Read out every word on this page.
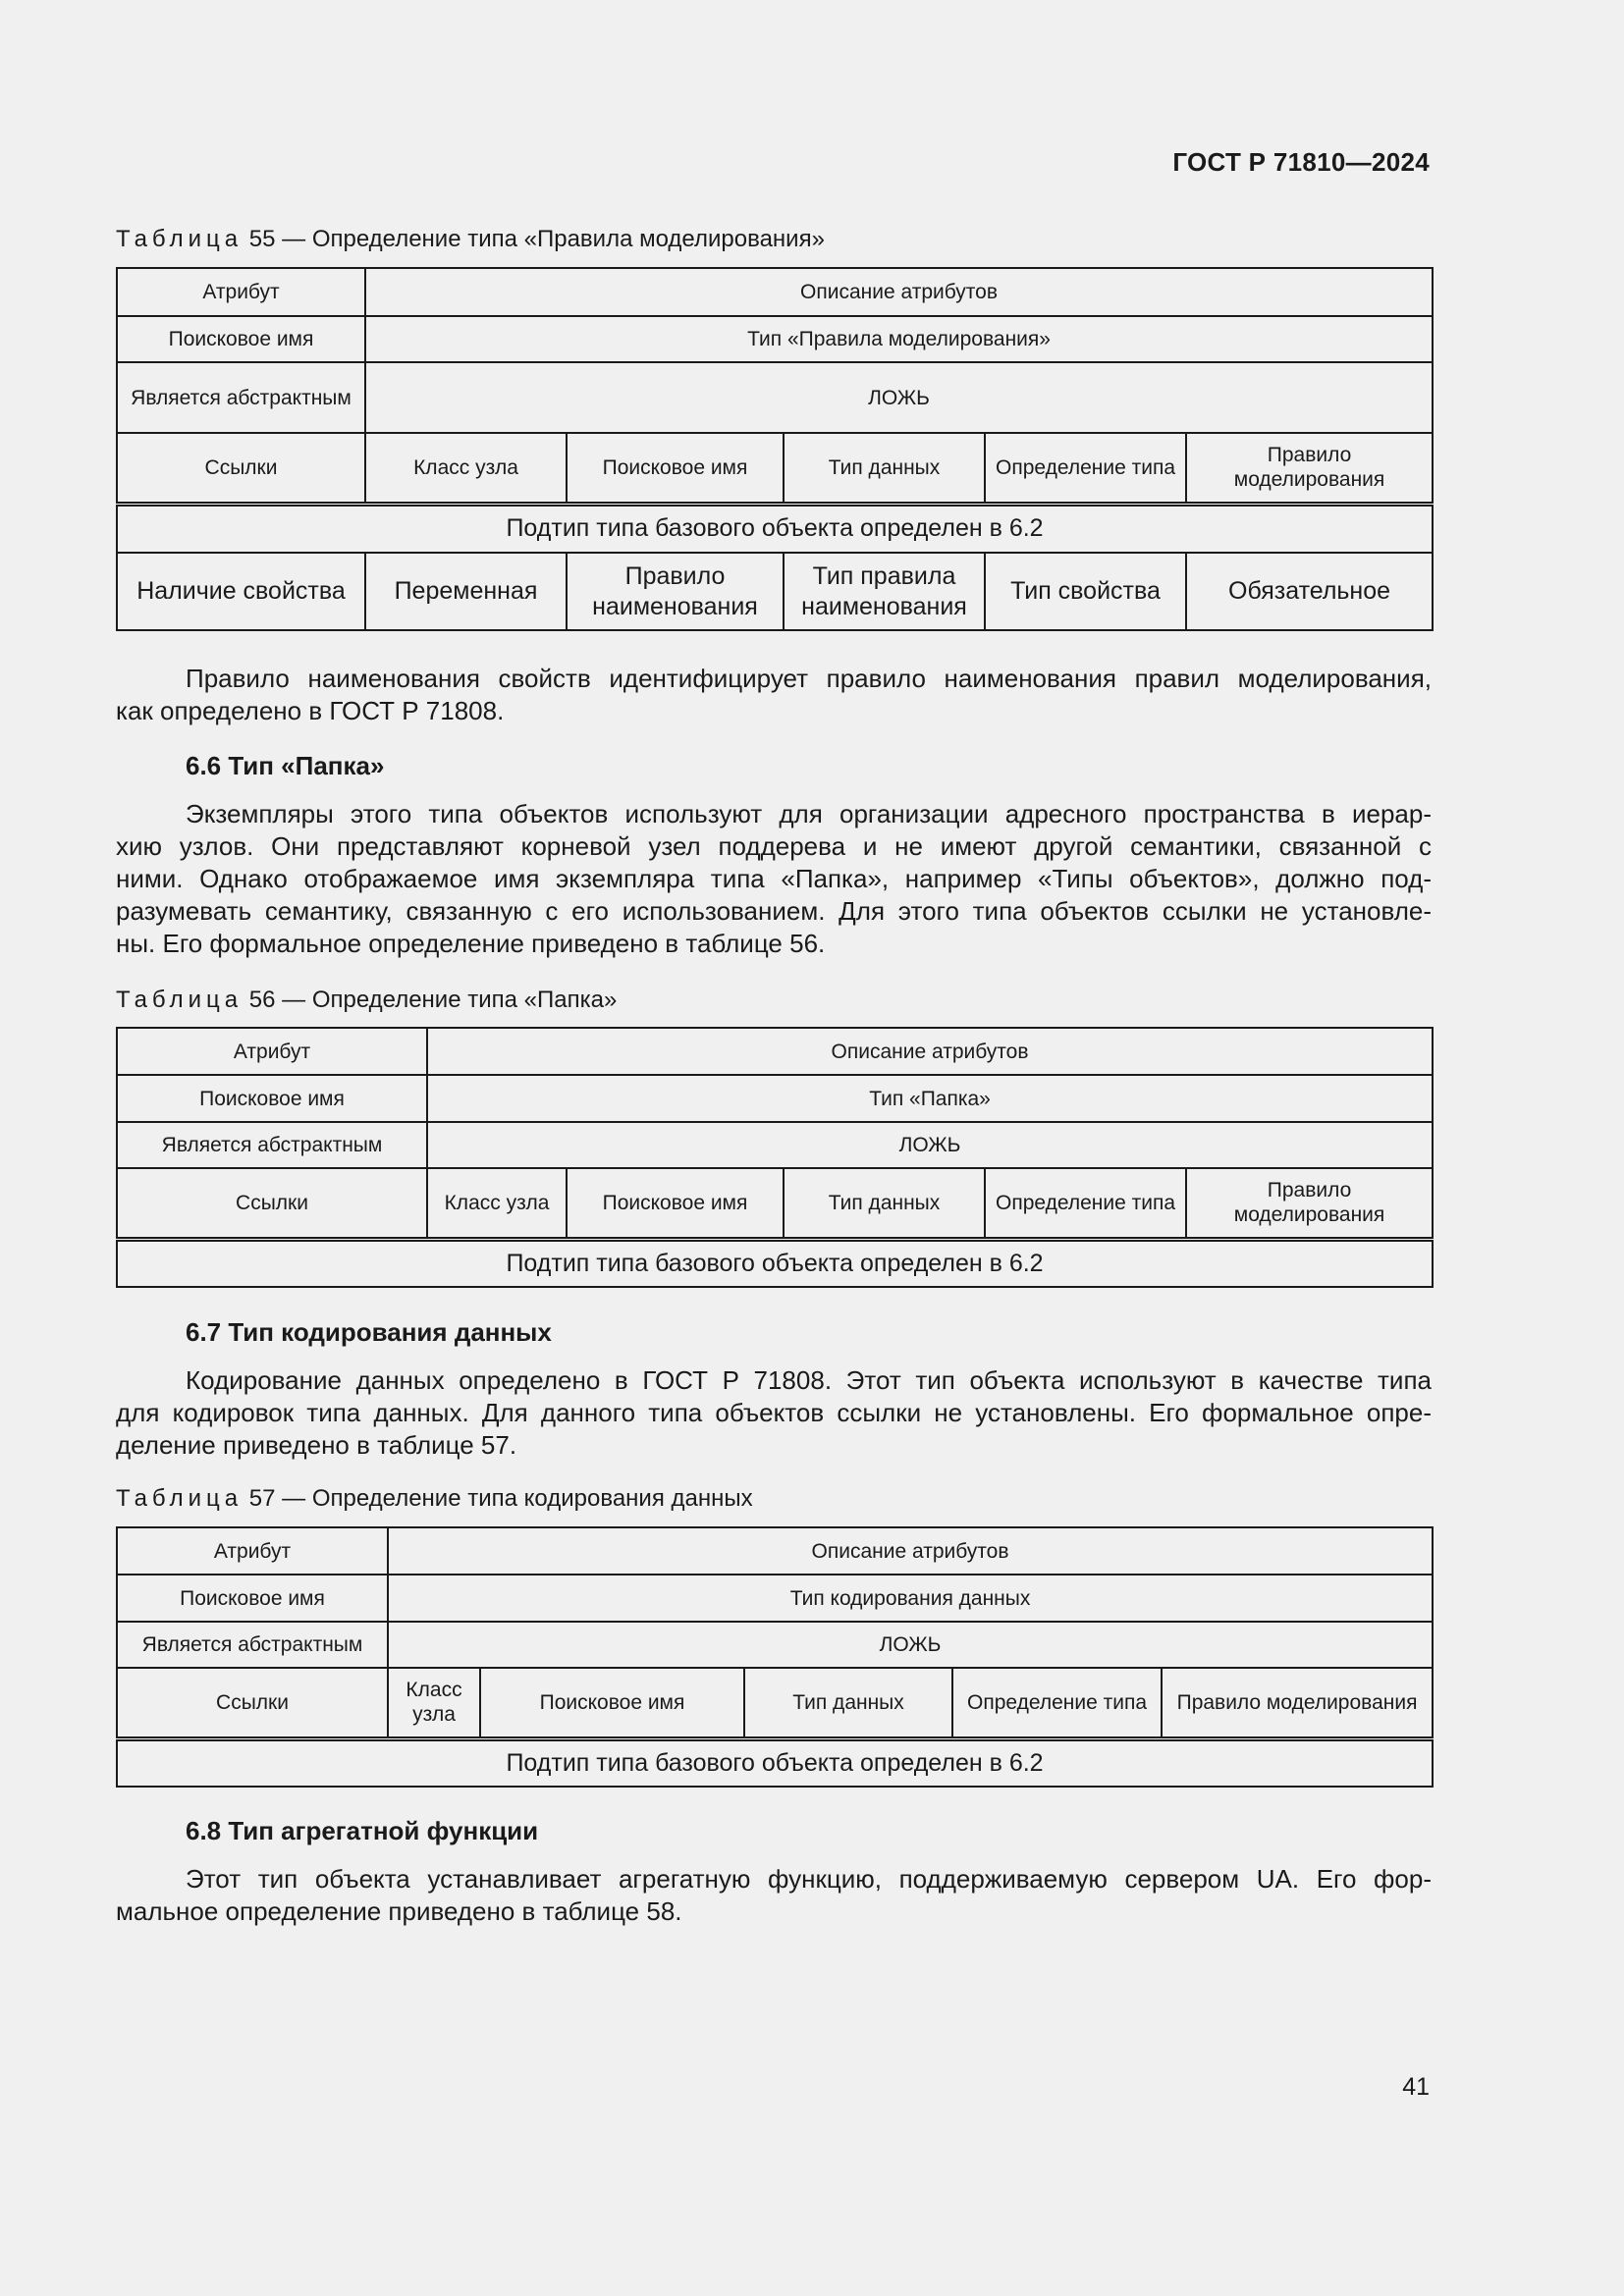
ГОСТ Р 71810—2024
Таблица 55 — Определение типа «Правила моделирования»
Атрибут	Описание атрибутов				
Поисковое имя	Тип «Правила моделирования»				
Является абстрактным	ЛОЖЬ				
Ссылки	Класс узла	Поисковое имя	Тип данных	Определение типа	Правило моделирования
Подтип типа базового объекта определен в 6.2					
Наличие свойства	Переменная	Правило наименования	Тип правила наименования	Тип свойства	Обязательное
Правило наименования свойств идентифицирует правило наименования правил моделирования,
как определено в ГОСТ Р 71808.
6.6 Тип «Папка»
Экземпляры этого типа объектов используют для организации адресного пространства в иерар-
хию узлов. Они представляют корневой узел поддерева и не имеют другой семантики, связанной с
ними. Однако отображаемое имя экземпляра типа «Папка», например «Типы объектов», должно под-
разумевать семантику, связанную с его использованием. Для этого типа объектов ссылки не установле-
ны. Его формальное определение приведено в таблице 56.
Таблица 56 — Определение типа «Папка»
Атрибут	Описание атрибутов				
Поисковое имя	Тип «Папка»				
Является абстрактным	ЛОЖЬ				
Ссылки	Класс узла	Поисковое имя	Тип данных	Определение типа	Правило моделирования
Подтип типа базового объекта определен в 6.2					
6.7 Тип кодирования данных
Кодирование данных определено в ГОСТ Р 71808. Этот тип объекта используют в качестве типа
для кодировок типа данных. Для данного типа объектов ссылки не установлены. Его формальное опре-
деление приведено в таблице 57.
Таблица 57 — Определение типа кодирования данных
Атрибут	Описание атрибутов				
Поисковое имя	Тип кодирования данных				
Является абстрактным	ЛОЖЬ				
Ссылки	Класс узла	Поисковое имя	Тип данных	Определение типа	Правило моделирования
Подтип типа базового объекта определен в 6.2					
6.8 Тип агрегатной функции
Этот тип объекта устанавливает агрегатную функцию, поддерживаемую сервером UA. Его фор-
мальное определение приведено в таблице 58.
41
